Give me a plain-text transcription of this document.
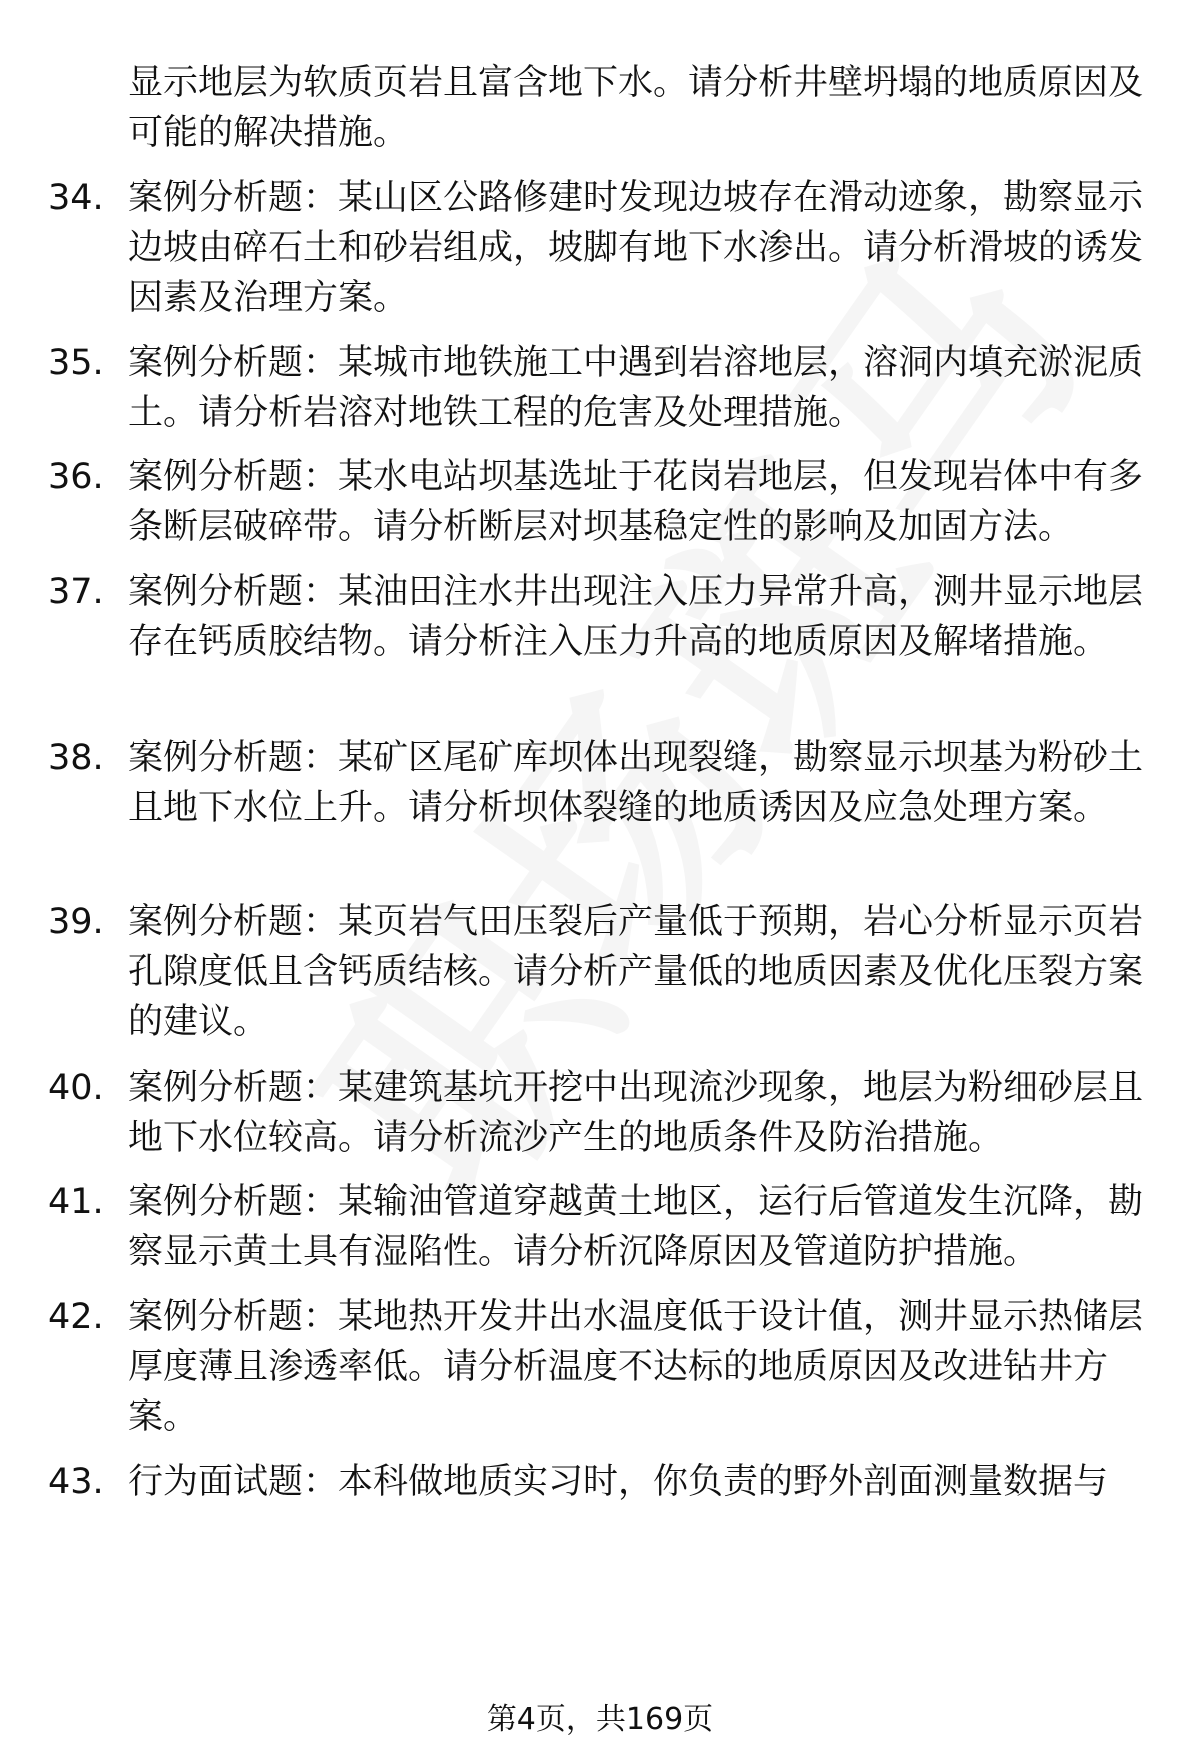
显示地层为软质页岩且富含地下水。请分析井壁坍塌的地质原因及可能的解决措施。
34. 案例分析题：某山区公路修建时发现边坡存在滑动迹象，勘察显示边坡由碎石土和砂岩组成，坡脚有地下水渗出。请分析滑坡的诱发因素及治理方案。
35. 案例分析题：某城市地铁施工中遇到岩溶地层，溶洞内填充淤泥质土。请分析岩溶对地铁工程的危害及处理措施。
36. 案例分析题：某水电站坝基选址于花岗岩地层，但发现岩体中有多条断层破碎带。请分析断层对坝基稳定性的影响及加固方法。
37. 案例分析题：某油田注水井出现注入压力异常升高，测井显示地层存在钙质胶结物。请分析注入压力升高的地质原因及解堵措施。
38. 案例分析题：某矿区尾矿库坝体出现裂缝，勘察显示坝基为粉砂土且地下水位上升。请分析坝体裂缝的地质诱因及应急处理方案。
39. 案例分析题：某页岩气田压裂后产量低于预期，岩心分析显示页岩孔隙度低且含钙质结核。请分析产量低的地质因素及优化压裂方案的建议。
40. 案例分析题：某建筑基坑开挖中出现流沙现象，地层为粉细砂层且地下水位较高。请分析流沙产生的地质条件及防治措施。
41. 案例分析题：某输油管道穿越黄土地区，运行后管道发生沉降，勘察显示黄土具有湿陷性。请分析沉降原因及管道防护措施。
42. 案例分析题：某地热开发井出水温度低于设计值，测井显示热储层厚度薄且渗透率低。请分析温度不达标的地质原因及改进钻井方案。
43. 行为面试题：本科做地质实习时，你负责的野外剖面测量数据与
第4页，共169页
